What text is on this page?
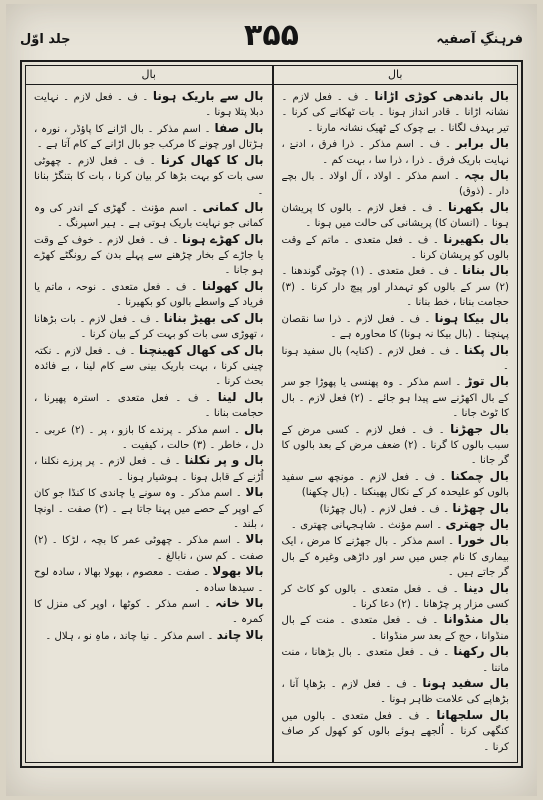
جلد اوّل	۳۵۵	فرہنگِ آصفیہ
بال

بال باندھی کوڑی اڑانا ۔ ف ۔ فعل لازم ۔ نشانہ اڑانا ۔ قادر انداز ہونا ۔ بات ٹھکانے کی کرنا ۔ تیر بہدف لگانا ۔ بے چوک کے ٹھیک نشانہ مارنا ۔

بال برابر ۔ ف ۔ اسم مذکر ۔ ذرا فرق ، ادنےٰ ، نہایت باریک فرق ۔ ذرا ، ذرا سا ، بہت کم ۔

بال بچہ ۔ اسم مذکر ۔ اولاد ، آل اولاد ۔ بال بچے دار ۔ (ذوق)

بال بکھرنا ۔ ف ۔ فعل لازم ۔ بالوں کا پریشان ہونا ۔ (انسان کا) پریشانی کی حالت میں ہونا ۔

بال بکھیرنا ۔ ف ۔ فعل متعدی ۔ ماتم کے وقت بالوں کو پریشان کرنا ۔

بال بنانا ۔ ف ۔ فعل متعدی ۔ (۱) چوٹی گوندھنا ۔ (۲) سر کے بالوں کو تہمدار اور پیچ دار کرنا ۔ (۳) حجامت بنانا ، خط بنانا ۔

بال بیکا ہونا ۔ ف ۔ فعل لازم ۔ ذرا سا نقصان پہنچنا ۔ (بال بیکا نہ ہونا) کا محاورہ ہے ۔

بال پکنا ۔ ف ۔ فعل لازم ۔ (کنایہ) بال سفید ہونا ۔

بال توڑ ۔ اسم مذکر ۔ وہ پھنسی یا پھوڑا جو سر کے بال اکھڑنے سے پیدا ہو جائے ۔ (۲) فعل لازم ۔ بال کا ٹوٹ جانا ۔

بال جھڑنا ۔ ف ۔ فعل لازم ۔ کسی مرض کے سبب بالوں کا گرنا ۔ (۲) ضعف مرض کے بعد بالوں کا گر جانا ۔

بال چمکنا ۔ ف ۔ فعل لازم ۔ مونچھ سے سفید بالوں کو علیحدہ کر کے نکال پھینکنا ۔ (بال چکھنا)

بال چھڑنا ۔ ف ۔ فعل لازم ۔ (بال چھڑنا)

بال چھتری ۔ اسم مؤنث ۔ شاہجہانی چھتری ۔

بال خورا ۔ اسم مذکر ۔ بال جھڑنے کا مرض ، ایک بیماری کا نام جس میں سر اور داڑھی وغیرہ کے بال گر جاتے ہیں ۔

بال دینا ۔ ف ۔ فعل متعدی ۔ بالوں کو کاٹ کر کسی مزار پر چڑھانا ۔ (۲) دعا کرنا ۔

بال منڈوانا ۔ ف ۔ فعل متعدی ۔ منت کے بال منڈوانا ، حج کے بعد سر منڈوانا ۔

بال رکھنا ۔ ف ۔ فعل متعدی ۔ بال بڑھانا ، منت ماننا ۔

بال سفید ہونا ۔ ف ۔ فعل لازم ۔ بڑھاپا آنا ، بڑھاپے کی علامت ظاہر ہونا ۔

بال سلجھانا ۔ ف ۔ فعل متعدی ۔ بالوں میں کنگھی کرنا ۔ اُلجھے ہوئے بالوں کو کھول کر صاف کرنا ۔

بال

بال سے باریک ہونا ۔ ف ۔ فعل لازم ۔ نہایت دبلا پتلا ہونا ۔

بال صفا ۔ اسم مذکر ۔ بال اڑانے کا پاؤڈر ، نورہ ، ہڑتال اور چونے کا مرکب جو بال اڑانے کے کام آتا ہے ۔

بال کا کھال کرنا ۔ ف ۔ فعل لازم ۔ چھوٹی سی بات کو بہت بڑھا کر بیان کرنا ، بات کا بتنگڑ بنانا ۔

بال کمانی ۔ اسم مؤنث ۔ گھڑی کے اندر کی وہ کمانی جو نہایت باریک ہوتی ہے ۔ ہیر اسپرنگ ۔

بال کھڑے ہونا ۔ ف ۔ فعل لازم ۔ خوف کے وقت یا جاڑے کے بخار چڑھنے سے پہلے بدن کے رونگٹے کھڑے ہو جانا ۔

بال کھولنا ۔ ف ۔ فعل متعدی ۔ نوحہ ، ماتم یا فریاد کے واسطے بالوں کو بکھیرنا ۔

بال کی بھیڑ بنانا ۔ ف ۔ فعل لازم ۔ بات بڑھانا ، تھوڑی سی بات کو بہت کر کے بیان کرنا ۔

بال کی کھال کھینچنا ۔ ف ۔ فعل لازم ۔ نکتہ چینی کرنا ، بہت باریک بینی سے کام لینا ، بے فائدہ بحث کرنا ۔

بال لینا ۔ ف ۔ فعل متعدی ۔ استرہ پھیرنا ، حجامت بنانا ۔

بال ۔ اسم مذکر ۔ پرندے کا بازو ، پر ۔ (۲) عربی ۔ دل ، خاطر ۔ (۳) حالت ، کیفیت ۔

بال و پر نکلنا ۔ ف ۔ فعل لازم ۔ پر پرزے نکلنا ، اُڑنے کے قابل ہونا ۔ ہوشیار ہونا ۔

بالا ۔ اسم مذکر ۔ وہ سونے یا چاندی کا کنڈا جو کان کے اوپر کے حصے میں پہنا جاتا ہے ۔ (۲) صفت ۔ اونچا ، بلند ۔

بالا ۔ اسم مذکر ۔ چھوٹی عمر کا بچہ ، لڑکا ۔ (۲) صفت ۔ کم سن ، نابالغ ۔

بالا بھولا ۔ صفت ۔ معصوم ، بھولا بھالا ، سادہ لوح ۔ سیدھا سادہ ۔

بالا خانہ ۔ اسم مذکر ۔ کوٹھا ، اوپر کی منزل کا کمرہ ۔

بالا چاند ۔ اسم مذکر ۔ نیا چاند ، ماہِ نو ، ہلال ۔
